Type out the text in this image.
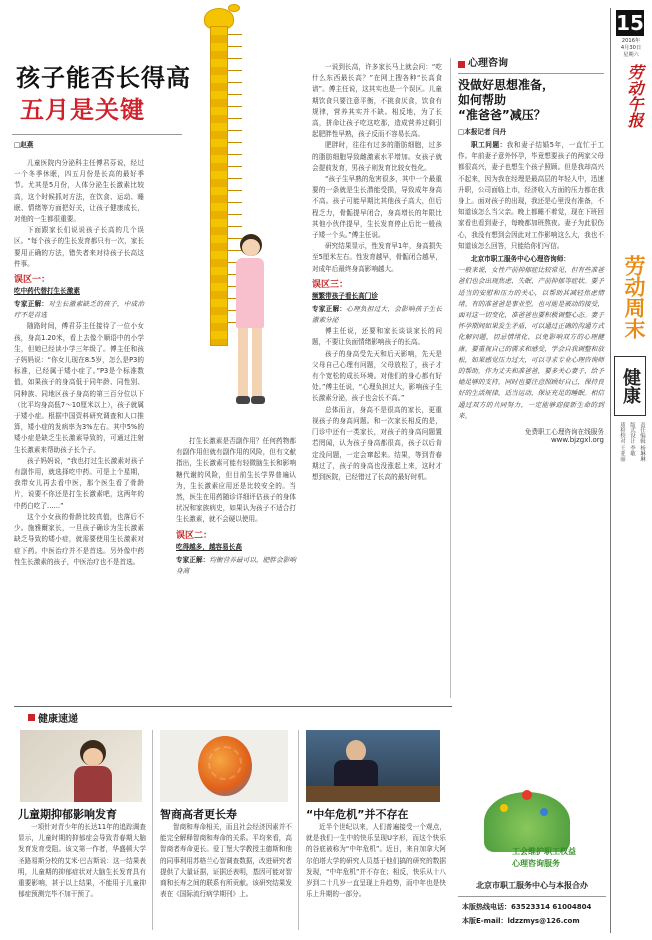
15
2016年
4月30日
星期六
劳动午报
劳动周末
健康
责任编辑 杨琳琳
版式设计 李敏
质检校对 王亚丽
孩子能否长得高
五月是关键
□赵燕

儿童医院内分泌科主任傅君芬说，经过一个冬季休眠，四五月份是长高的最好季节。尤其是5月份，人体分泌生长激素比较高，这个时候抓对方法，在饮食、运动、睡眠、情绪等方面把好关，让孩子健康成长，对他的一生都很重要。

下面跟家长们说说孩子长高的几个误区。“每个孩子的生长发育都只有一次，家长要用正确的方法，错失者来对待孩子长高这件事。

误区一：
吃中药代替打生长激素

专家正解：对生长激素缺乏的孩子，中成治疗不是首选

随路时间，傅君芬主任接待了一位小女孩，身高1.20米，看上去像个顺语中的小学生，但她已经读小学三年级了。傅主任和孩子妈妈说：“你女儿现在8.5岁，怎么是P3的标准，已经属于矮小症了。”P3是个标准数值，如果孩子的身高低于同年龄、同性别、同种族、同地区孩子身高的第三百分位以下（比平均身高低7～10厘米以上），孩子就属于矮小症。根据中国资料研究调查和人口推算，矮小症的发病率为3%左右。其中5%的矮小症是缺乏生长激素导致的，可通过注射生长激素来帮助孩子长个子。

孩子妈妈说，“我也打过生长激素对孩子有副作用，就选择吃中药。可是上个星期，我带女儿再去看中医，那个医生看了骨龄片，说要不你还是打生长激素吧，这两年的中药白吃了……”

这个小女孩的骨龄比较真值，也落后不少。施雅爾家长，一旦孩子确诊为生长激素缺乏导致的矮小症，就需要使用生长激素对症下药。中医治疗并不是首选。另外像中药性生长激素的孩子，中医治疗也不是首选。

打生长激素是否副作用？任何药物都有副作用但就有副作用的风险，但有文献指出，生长激素可能有轻微脑生长和影响糖代谢的风险，但目前生长学界普遍认为，生长激素应用还是比较安全的。当然，医生在用药随诊详细评估孩子的身体状况和家族病史，如果认为孩子不适合打生长激素，就不会硬以使用。

误区二：
吃得越多，越容易长高

专家正解：均衡营养最可以，肥胖会影响身高

一说到长高，许多家长马上就会问：“吃什么东西最长高？”在网上搜各种“长高食谱”。傅主任说，这其实也是一个误区。儿童期饮食只要注意平衡，不挑食厌食，饮食有规律，营养其实并不缺。相反地，为了长高，拼命让孩子吃这吃那，造成营养过剩引起肥胖性早熟，孩子反而不容易长高。

肥胖时，往往有过多的脂肪细胞，过多的脂肪细胞导致雌激素水平增加。女孩子就会提前发育，男孩子则发育比较女性化。

“孩子生早熟的危害很多，其中一个最重要的一条就是生长潜能受损，导致成年身高不高。孩子可能早期比其他孩子高大，但后程乏力，骨骺提早闭合，身高增长的年限比其他小伙伴提早，生长发育停止后比一般孩子矮一个头。”傅主任说。

研究结果显示，性发育早1年，身高损失至5厘米左右。性发育越早，骨骺闭合越早，对成年后最终身高影响越大。

误区三：
频繁带孩子看长高门诊

专家正解：心理负担过大，会影响孩子生长激素分泌

傅主任说，还要和家长谈谈家长的问题，不要让负面情绪影响孩子的长高。

孩子的身高受先天和后天影响，先天是父母自己心理有问题，父母放松了，孩子才有个宽松的成长环境。对他们的身心都有好处。”傅主任说，“心理负担过大，影响孩子生长激素分泌，孩子也会长不高。”

总体而言，身高不是很高的家长，更重视孩子的身高问题。和一次家长相反的是，门诊中还有一类家长，对孩子的身高问题置若罔闻，认为孩子身高都很高，孩子以后肯定没问题，一定会窜起来。结果，等到青春期过了，孩子的身高也没涨起上来，这时才想到医院，已经错过了长高的最好时机。

心理咨询
没做好思想准备，
如何帮助
“准爸爸”减压？
□本报记者 闫丹

职工问题：我和妻子结婚5年，一直忙于工作。年前妻子意外怀孕，毕竟想要孩子的两家父母都很高兴，妻子也想生个孩子照顾。但是我却高兴不起来，因为我在经理是最高层的年轻人中，迅速升职，公司面临上市，经济收入方面的压力都在我身上。面对孩子的出现，我还是心里没有准备，不知道该怎么当父亲。晚上都睡不着觉，现在下班回家看也看到妻子，每晚都加班熬夜。妻子为此很伤心，我没有想到会因此对工作影响这么大，我也不知道该怎么回答，只能给你们写信。

北京市职工服务中心心理咨询师：

一般来说，女性产前抑郁症比较常见，但有些准爸爸们也会出现焦虑、失眠、产前抑郁等症状。要予适当的安慰和压力的关心，以帮助其减轻焦虑情绪。有的准爸爸是事业型，也可能是被动的接受，面对这一切变化，准爸爸也要积极调整心态。妻子怀孕期间如果发生矛盾，可以通过正确的沟通方式化解问题，切忌情绪化，以免影响双方的心理健康。要重视自己的需求和感受，学会自我调整和放松，如果感觉压力过大，可以寻求专业心理咨询师的帮助。作为丈夫和准爸爸，要多关心妻子，给予她足够的支持。同时也要注意照顾好自己，保持良好的生活规律，适当运动，保证充足的睡眠。相信通过双方的共同努力，一定能够迎接新生命的到来。

免费职工心理咨询在线服务
www.bjzgxl.org
工会维护职工权益
心理咨询服务
北京市职工服务中心与本报合办
本版热线电话：63523314 61004804
本版E-mail：ldzzmys@126.com
健康速递
儿童期抑郁影响发育

一项针对青少年的长达11年的追踪调查显示，儿童时期的抑郁症会导致青春期大脑发育发育受阻。该文第一作者，华盛顿大学圣路易斯分校的艾米·巴吉斯说：这一结果表明，儿童期的抑郁症状对大脑生长发育具有重要影响，甚于以上结果，不能用于儿童抑郁症预测完毕不加干预了。

智商高者更长寿

智商和寿命相关，而且社会经济因素并不能完全解释智商和寿命的关系。平均来看，高智商者寿命更长。爱丁堡大学教授主德斯和他的同事利用苏格兰心智调查数据，改进研究者提供了大量证据，证据还表明，基因可能对智商和长寿之间的联系有所贡献。该研究结果发表在《国际流行病学期刊》上。

“中年危机”并不存在

近半个世纪以来，人们普遍接受一个观点，就是我们一生中的快乐呈现U字形，而这个快乐的谷底被称为“中年危机”。近日，来自加拿大阿尔伯塔大学的研究人员基于他们搞的研究的数据发现，“中年危机”并不存在；相反，快乐从十八岁到二十几岁一直呈现上升趋势，而中年也是快乐上升期的一部分。
